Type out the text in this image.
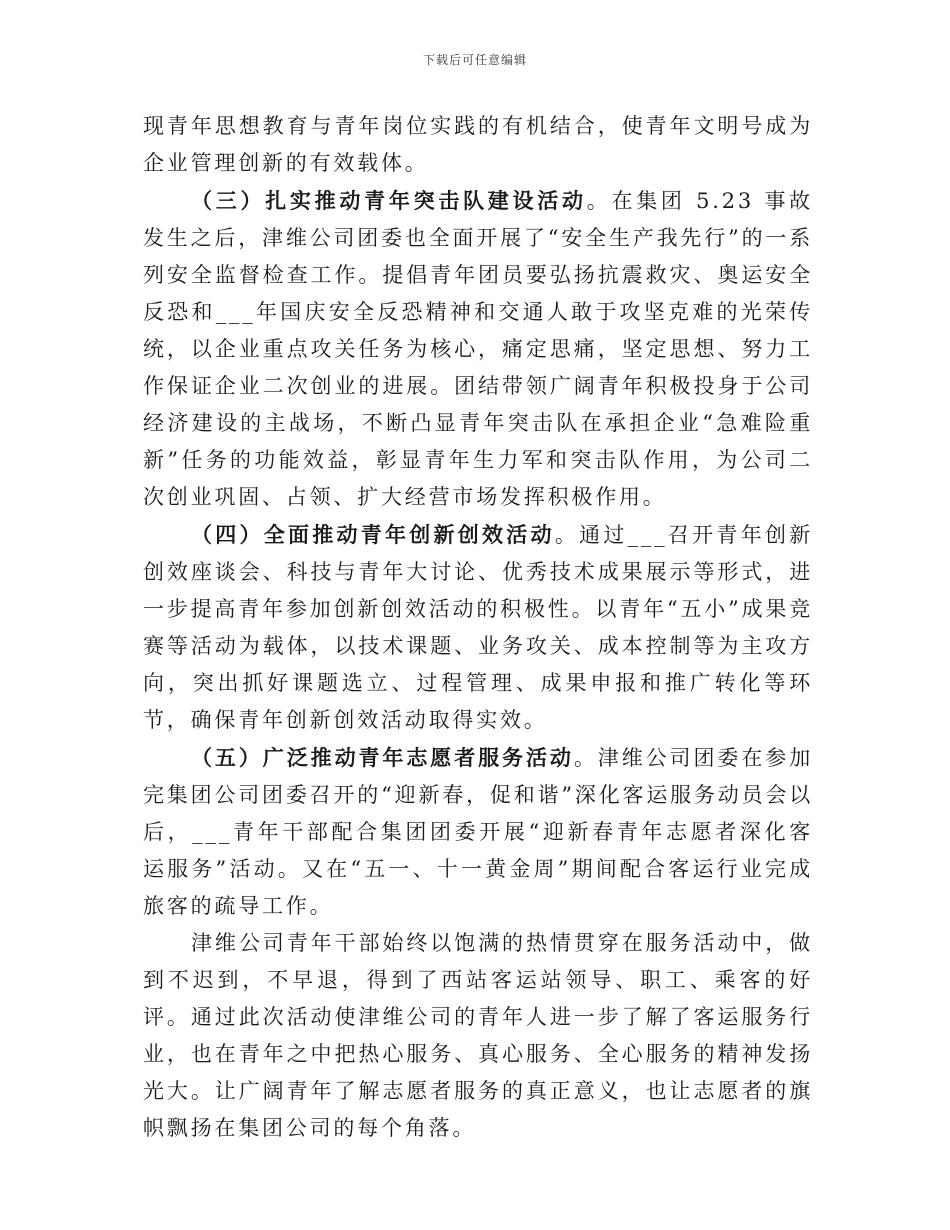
下载后可任意编辑

现青年思想教育与青年岗位实践的有机结合，使青年文明号成为企业管理创新的有效载体。

（三）扎实推动青年突击队建设活动。在集团 5.23 事故发生之后，津维公司团委也全面开展了“安全生产我先行”的一系列安全监督检查工作。提倡青年团员要弘扬抗震救灾、奥运安全反恐和___年国庆安全反恐精神和交通人敢于攻坚克难的光荣传统，以企业重点攻关任务为核心，痛定思痛，坚定思想、努力工作保证企业二次创业的进展。团结带领广阔青年积极投身于公司经济建设的主战场，不断凸显青年突击队在承担企业“急难险重新”任务的功能效益，彰显青年生力军和突击队作用，为公司二次创业巩固、占领、扩大经营市场发挥积极作用。

（四）全面推动青年创新创效活动。通过___召开青年创新创效座谈会、科技与青年大讨论、优秀技术成果展示等形式，进一步提高青年参加创新创效活动的积极性。以青年“五小”成果竞赛等活动为载体，以技术课题、业务攻关、成本控制等为主攻方向，突出抓好课题选立、过程管理、成果申报和推广转化等环节，确保青年创新创效活动取得实效。

（五）广泛推动青年志愿者服务活动。津维公司团委在参加完集团公司团委召开的“迎新春，促和谐”深化客运服务动员会以后，___青年干部配合集团团委开展“迎新春青年志愿者深化客运服务”活动。又在“五一、十一黄金周”期间配合客运行业完成旅客的疏导工作。

津维公司青年干部始终以饱满的热情贯穿在服务活动中，做到不迟到，不早退，得到了西站客运站领导、职工、乘客的好评。通过此次活动使津维公司的青年人进一步了解了客运服务行业，也在青年之中把热心服务、真心服务、全心服务的精神发扬光大。让广阔青年了解志愿者服务的真正意义，也让志愿者的旗帜飘扬在集团公司的每个角落。
